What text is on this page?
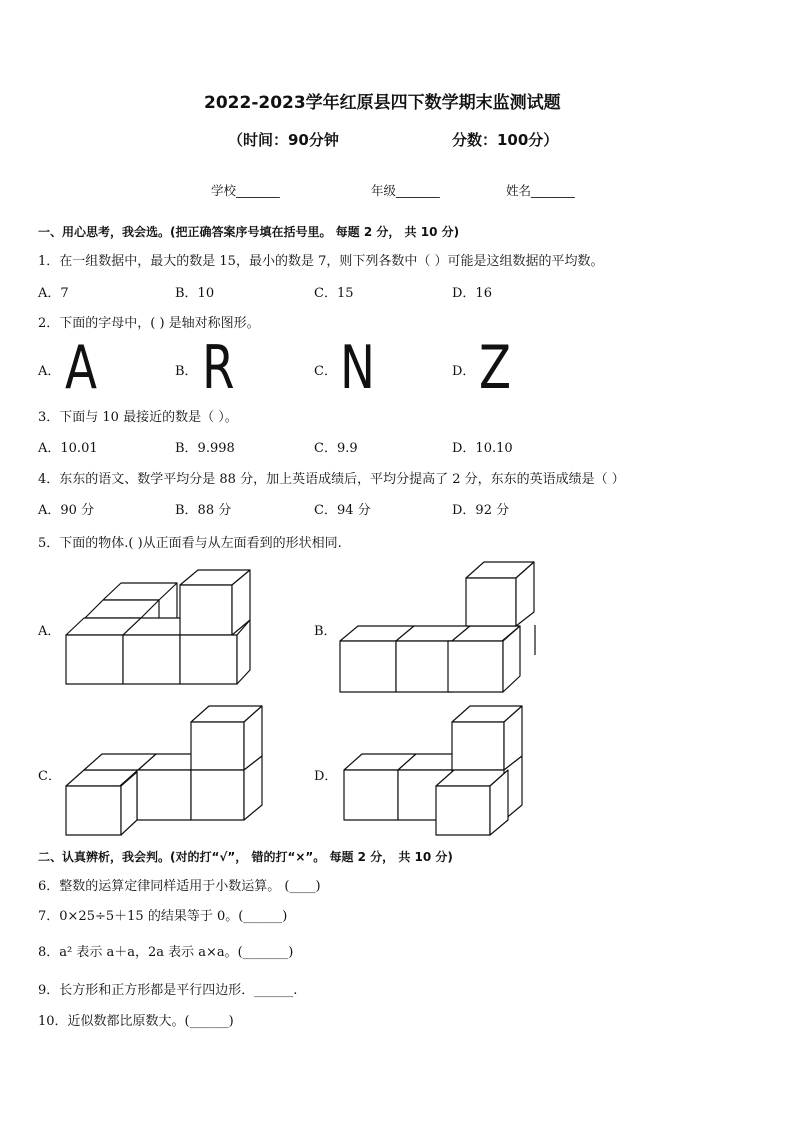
2022-2023学年红原县四下数学期末监测试题
（时间：90分钟	分数：100分）
学校_______	年级_______	姓名_______
一、用心思考，我会选。(把正确答案序号填在括号里。 每题 2 分， 共 10 分)
1．在一组数据中，最大的数是 15，最小的数是 7，则下列各数中（ ）可能是这组数据的平均数。
A．7	B．10	C．15	D．16
2．下面的字母中，( ) 是轴对称图形。
A． A	B． R	C． N	D． Z
3．下面与 10 最接近的数是（ ）。
A．10.01	B．9.998	C．9.9	D．10.10
4．东东的语文、数学平均分是 88 分，加上英语成绩后，平均分提高了 2 分，东东的英语成绩是（ ）
A．90 分	B．88 分	C．94 分	D．92 分
5．下面的物体.( )从正面看与从左面看到的形状相同.
A．	B．
C．	D．
二、认真辨析，我会判。(对的打“√”， 错的打“×”。 每题 2 分， 共 10 分)
6．整数的运算定律同样适用于小数运算。 (____)
7．0×25÷5＋15 的结果等于 0。(______)
8．a² 表示 a＋a，2a 表示 a×a。(_______)
9．长方形和正方形都是平行四边形．______.
10．近似数都比原数大。(______)
